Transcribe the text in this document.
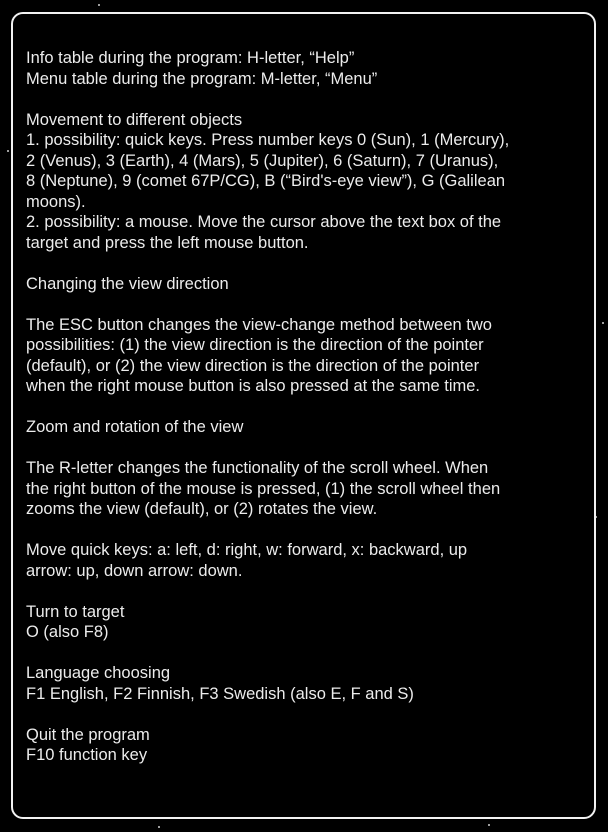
Info table during the program: H-letter, “Help”
Menu table during the program: M-letter, “Menu”
Movement to different objects
1. possibility: quick keys. Press number keys 0 (Sun), 1 (Mercury),
2 (Venus), 3 (Earth), 4 (Mars), 5 (Jupiter), 6 (Saturn), 7 (Uranus),
8 (Neptune), 9 (comet 67P/CG), B (“Bird's-eye view”), G (Galilean
moons).
2. possibility: a mouse. Move the cursor above the text box of the
target and press the left mouse button.
Changing the view direction
The ESC button changes the view-change method between two
possibilities: (1) the view direction is the direction of the pointer
(default), or (2) the view direction is the direction of the pointer
when the right mouse button is also pressed at the same time.
Zoom and rotation of the view
The R-letter changes the functionality of the scroll wheel. When
the right button of the mouse is pressed, (1) the scroll wheel then
zooms the view (default), or (2) rotates the view.
Move quick keys: a: left, d: right, w: forward, x: backward, up
arrow: up, down arrow: down.
Turn to target
O (also F8)
Language choosing
F1 English, F2 Finnish, F3 Swedish (also E, F and S)
Quit the program
F10 function key
